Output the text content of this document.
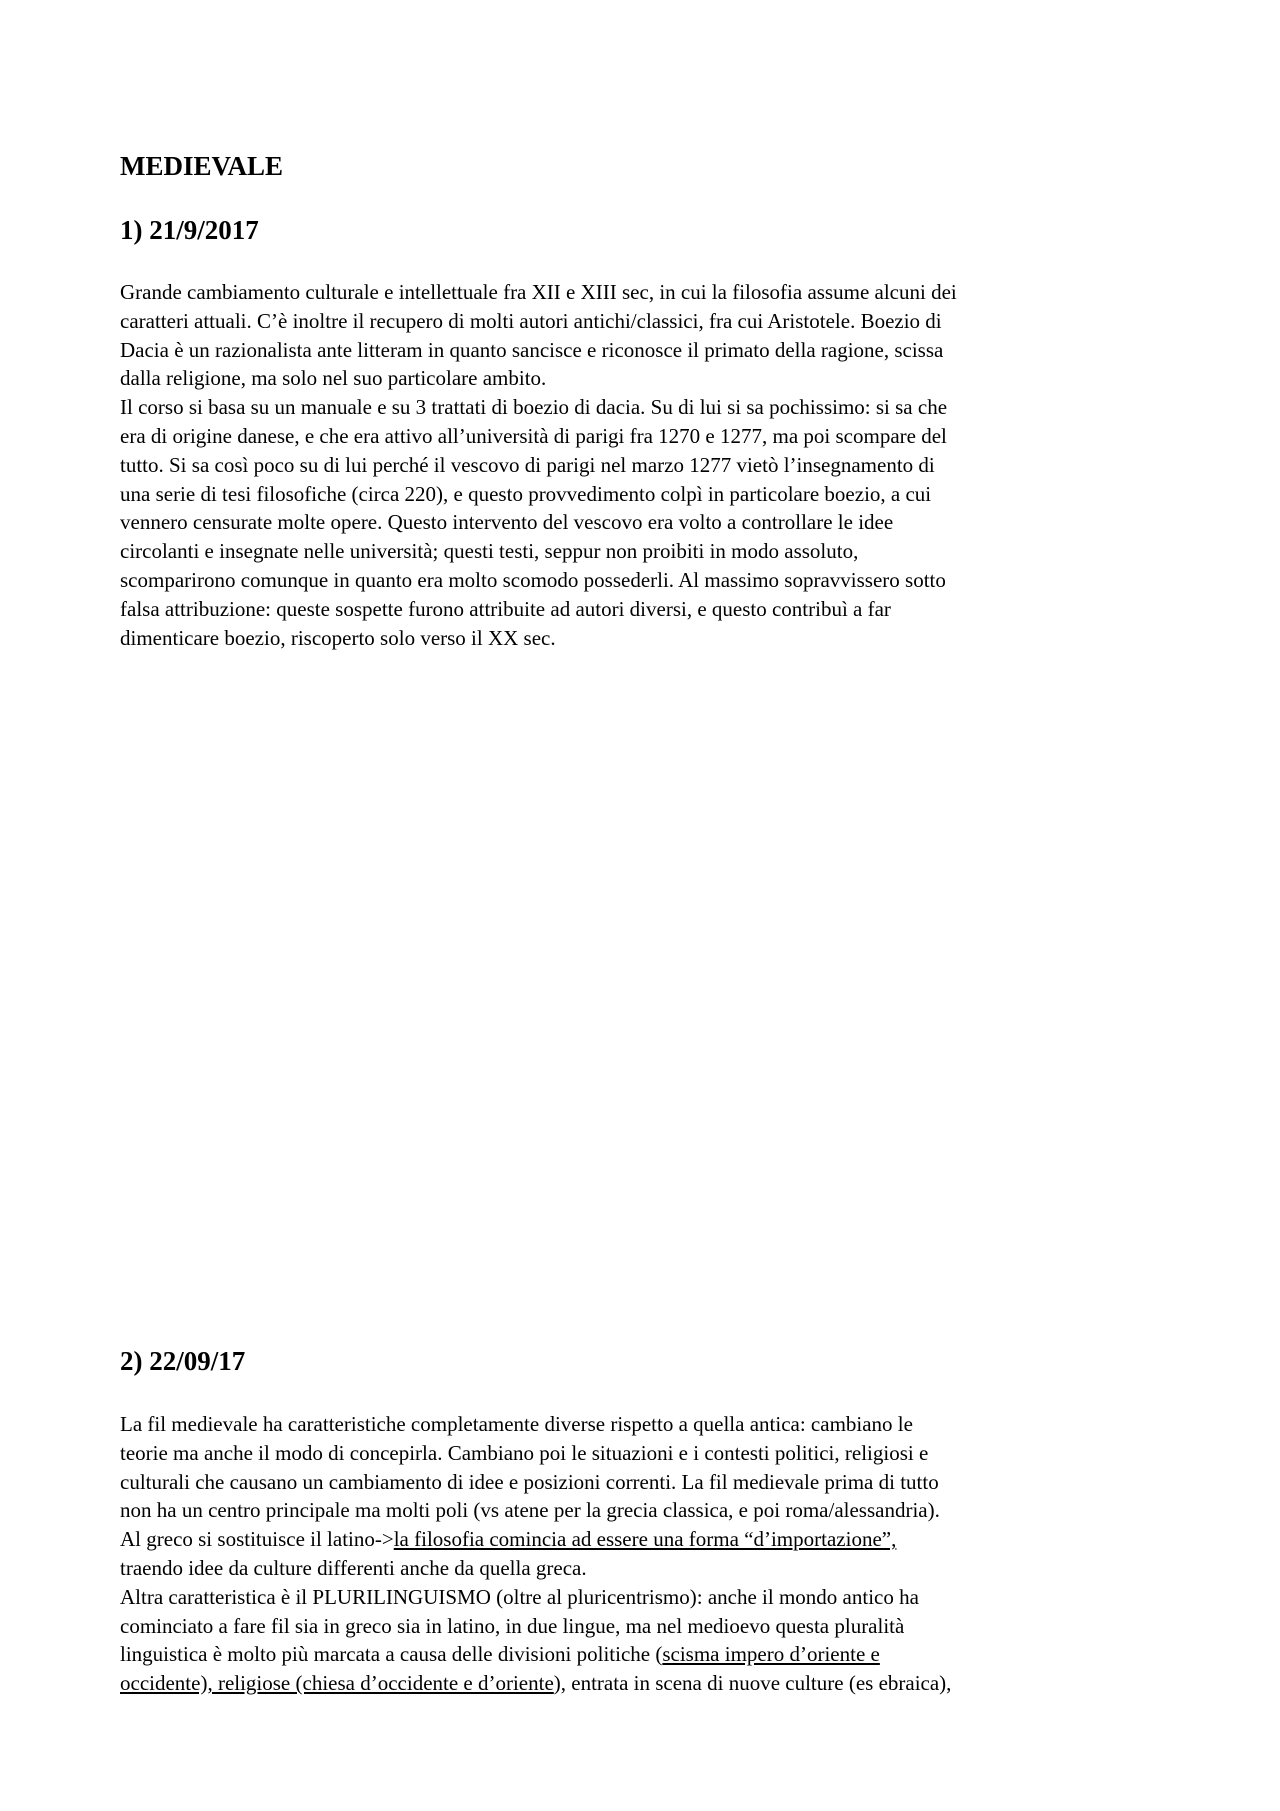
MEDIEVALE
1) 21/9/2017
Grande cambiamento culturale e intellettuale fra XII e XIII sec, in cui la filosofia assume alcuni dei
caratteri attuali. C’è inoltre il recupero di molti autori antichi/classici, fra cui Aristotele. Boezio di
Dacia è un razionalista ante litteram in quanto sancisce e riconosce il primato della ragione, scissa
dalla religione, ma solo nel suo particolare ambito.
Il corso si basa su un manuale e su 3 trattati di boezio di dacia. Su di lui si sa pochissimo: si sa che
era di origine danese, e che era attivo all’università di parigi fra 1270 e 1277, ma poi scompare del
tutto. Si sa così poco su di lui perché il vescovo di parigi nel marzo 1277 vietò l’insegnamento di
una serie di tesi filosofiche (circa 220), e questo provvedimento colpì in particolare boezio, a cui
vennero censurate molte opere. Questo intervento del vescovo era volto a controllare le idee
circolanti e insegnate nelle università; questi testi, seppur non proibiti in modo assoluto,
scomparirono comunque in quanto era molto scomodo possederli. Al massimo sopravvissero sotto
falsa attribuzione: queste sospette furono attribuite ad autori diversi, e questo contribuì a far
dimenticare boezio, riscoperto solo verso il XX sec.
2) 22/09/17
La fil medievale ha caratteristiche completamente diverse rispetto a quella antica: cambiano le
teorie ma anche il modo di concepirla. Cambiano poi le situazioni e i contesti politici, religiosi e
culturali che causano un cambiamento di idee e posizioni correnti. La fil medievale prima di tutto
non ha un centro principale ma molti poli (vs atene per la grecia classica, e poi roma/alessandria).
Al greco si sostituisce il latino->la filosofia comincia ad essere una forma “d’importazione”,
traendo idee da culture differenti anche da quella greca.
Altra caratteristica è il PLURILINGUISMO (oltre al pluricentrismo): anche il mondo antico ha
cominciato a fare fil sia in greco sia in latino, in due lingue, ma nel medioevo questa pluralità
linguistica è molto più marcata a causa delle divisioni politiche (scisma impero d’oriente e
occidente), religiose (chiesa d’occidente e d’oriente), entrata in scena di nuove culture (es ebraica),
